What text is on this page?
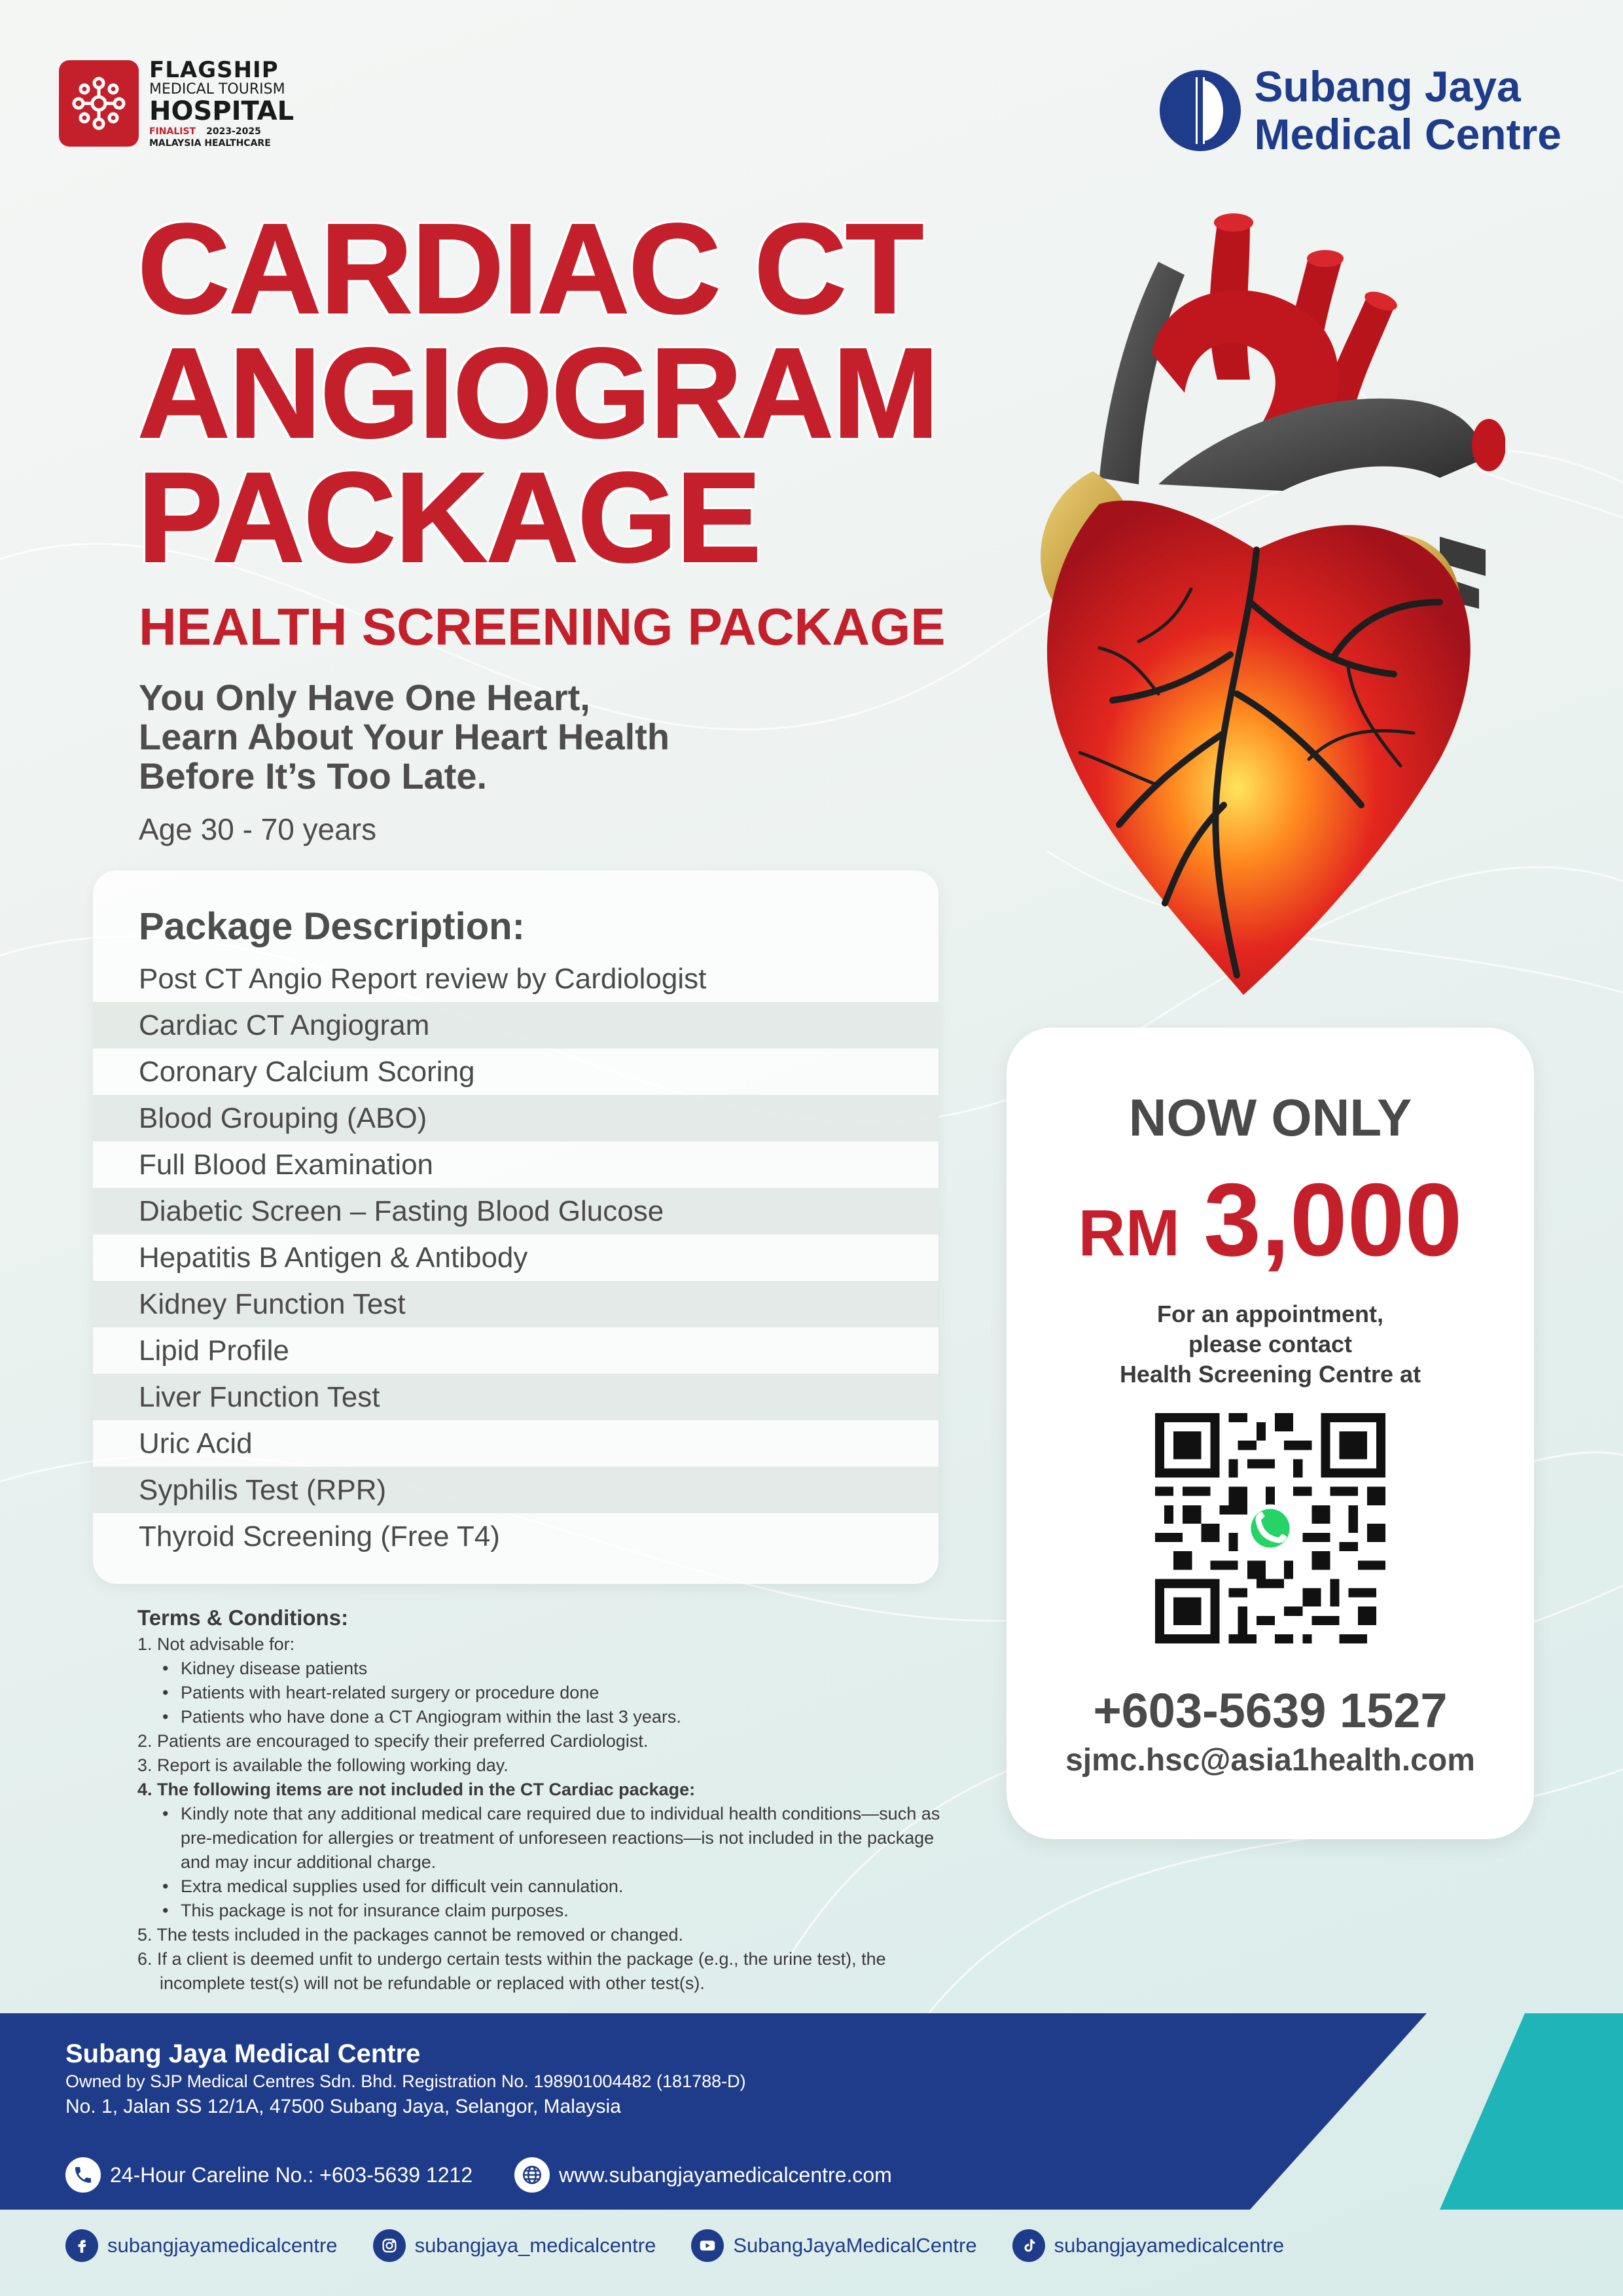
FLAGSHIP
MEDICAL TOURISM
HOSPITAL
FINALIST 2023-2025
MALAYSIA HEALTHCARE
Subang Jaya
Medical Centre
CARDIAC CT
ANGIOGRAM
PACKAGE
HEALTH SCREENING PACKAGE
You Only Have One Heart,
Learn About Your Heart Health
Before It’s Too Late.
Age 30 - 70 years
Package Description:
Post CT Angio Report review by Cardiologist
Cardiac CT Angiogram
Coronary Calcium Scoring
Blood Grouping (ABO)
Full Blood Examination
Diabetic Screen – Fasting Blood Glucose
Hepatitis B Antigen & Antibody
Kidney Function Test
Lipid Profile
Liver Function Test
Uric Acid
Syphilis Test (RPR)
Thyroid Screening (Free T4)
Terms & Conditions:
1. Not advisable for:
• Kidney disease patients
• Patients with heart-related surgery or procedure done
• Patients who have done a CT Angiogram within the last 3 years.
2. Patients are encouraged to specify their preferred Cardiologist.
3. Report is available the following working day.
4. The following items are not included in the CT Cardiac package:
• Kindly note that any additional medical care required due to individual health conditions—such as pre-medication for allergies or treatment of unforeseen reactions—is not included in the package and may incur additional charge.
• Extra medical supplies used for difficult vein cannulation.
• This package is not for insurance claim purposes.
5. The tests included in the packages cannot be removed or changed.
6. If a client is deemed unfit to undergo certain tests within the package (e.g., the urine test), the incomplete test(s) will not be refundable or replaced with other test(s).
NOW ONLY
RM 3,000
For an appointment,
please contact
Health Screening Centre at
+603-5639 1527
sjmc.hsc@asia1health.com
Subang Jaya Medical Centre
Owned by SJP Medical Centres Sdn. Bhd. Registration No. 198901004482 (181788-D)
No. 1, Jalan SS 12/1A, 47500 Subang Jaya, Selangor, Malaysia
24-Hour Careline No.: +603-5639 1212	www.subangjayamedicalcentre.com
subangjayamedicalcentre	subangjaya_medicalcentre	SubangJayaMedicalCentre	subangjayamedicalcentre
